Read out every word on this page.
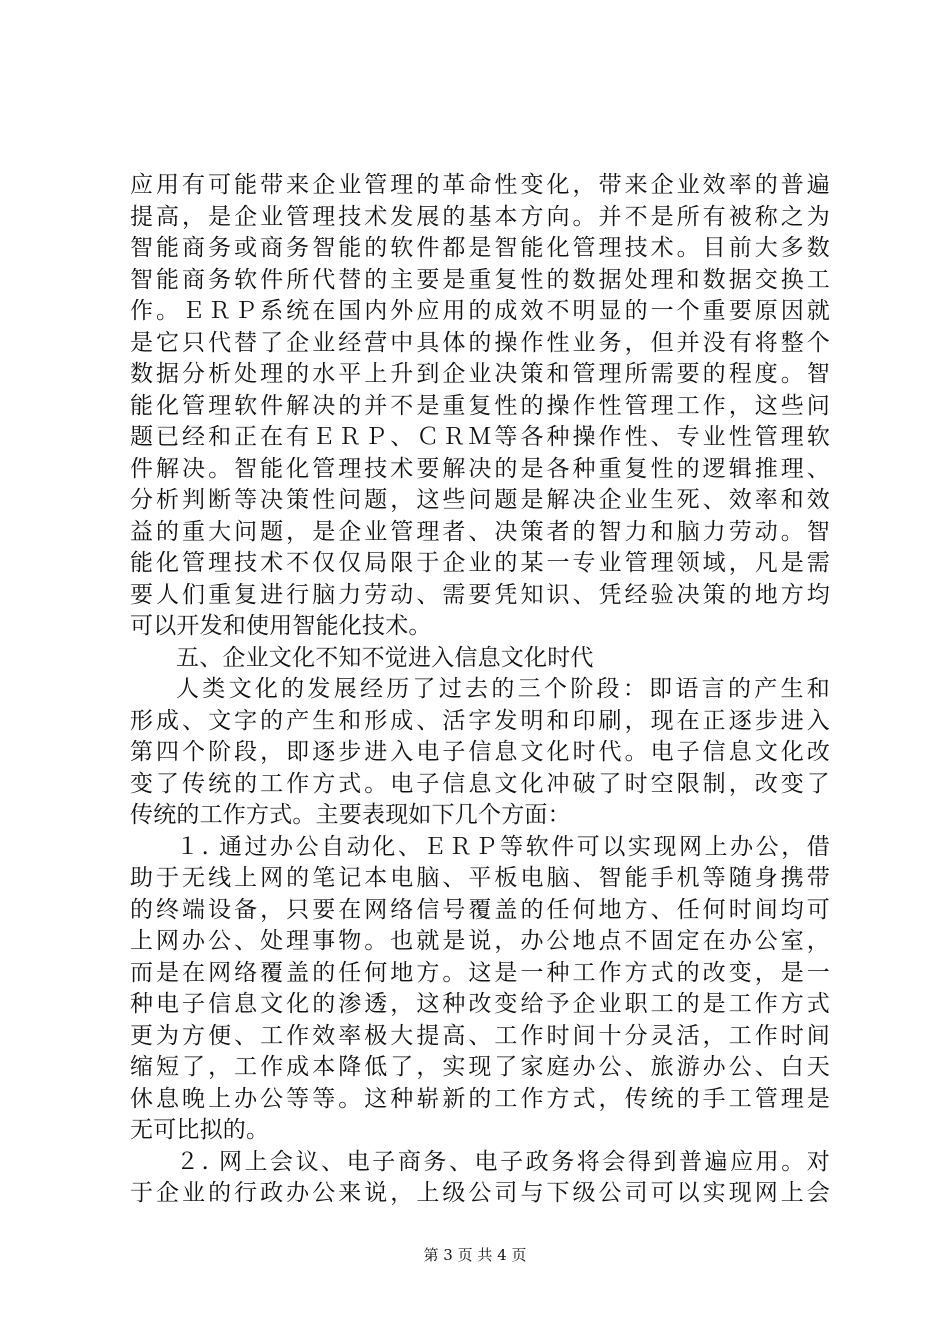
应用有可能带来企业管理的革命性变化，带来企业效率的普遍
提高，是企业管理技术发展的基本方向。并不是所有被称之为
智能商务或商务智能的软件都是智能化管理技术。目前大多数
智能商务软件所代替的主要是重复性的数据处理和数据交换工
作。ＥＲＰ系统在国内外应用的成效不明显的一个重要原因就
是它只代替了企业经营中具体的操作性业务，但并没有将整个
数据分析处理的水平上升到企业决策和管理所需要的程度。智
能化管理软件解决的并不是重复性的操作性管理工作，这些问
题已经和正在有ＥＲＰ、ＣＲＭ等各种操作性、专业性管理软
件解决。智能化管理技术要解决的是各种重复性的逻辑推理、
分析判断等决策性问题，这些问题是解决企业生死、效率和效
益的重大问题，是企业管理者、决策者的智力和脑力劳动。智
能化管理技术不仅仅局限于企业的某一专业管理领域，凡是需
要人们重复进行脑力劳动、需要凭知识、凭经验决策的地方均
可以开发和使用智能化技术。
五、企业文化不知不觉进入信息文化时代
人类文化的发展经历了过去的三个阶段：即语言的产生和
形成、文字的产生和形成、活字发明和印刷，现在正逐步进入
第四个阶段，即逐步进入电子信息文化时代。电子信息文化改
变了传统的工作方式。电子信息文化冲破了时空限制，改变了
传统的工作方式。主要表现如下几个方面：
１. 通过办公自动化、ＥＲＰ等软件可以实现网上办公，借
助于无线上网的笔记本电脑、平板电脑、智能手机等随身携带
的终端设备，只要在网络信号覆盖的任何地方、任何时间均可
上网办公、处理事物。也就是说，办公地点不固定在办公室，
而是在网络覆盖的任何地方。这是一种工作方式的改变，是一
种电子信息文化的渗透，这种改变给予企业职工的是工作方式
更为方便、工作效率极大提高、工作时间十分灵活，工作时间
缩短了，工作成本降低了，实现了家庭办公、旅游办公、白天
休息晚上办公等等。这种崭新的工作方式，传统的手工管理是
无可比拟的。
２. 网上会议、电子商务、电子政务将会得到普遍应用。对
于企业的行政办公来说，上级公司与下级公司可以实现网上会
第 3 页 共 4 页
